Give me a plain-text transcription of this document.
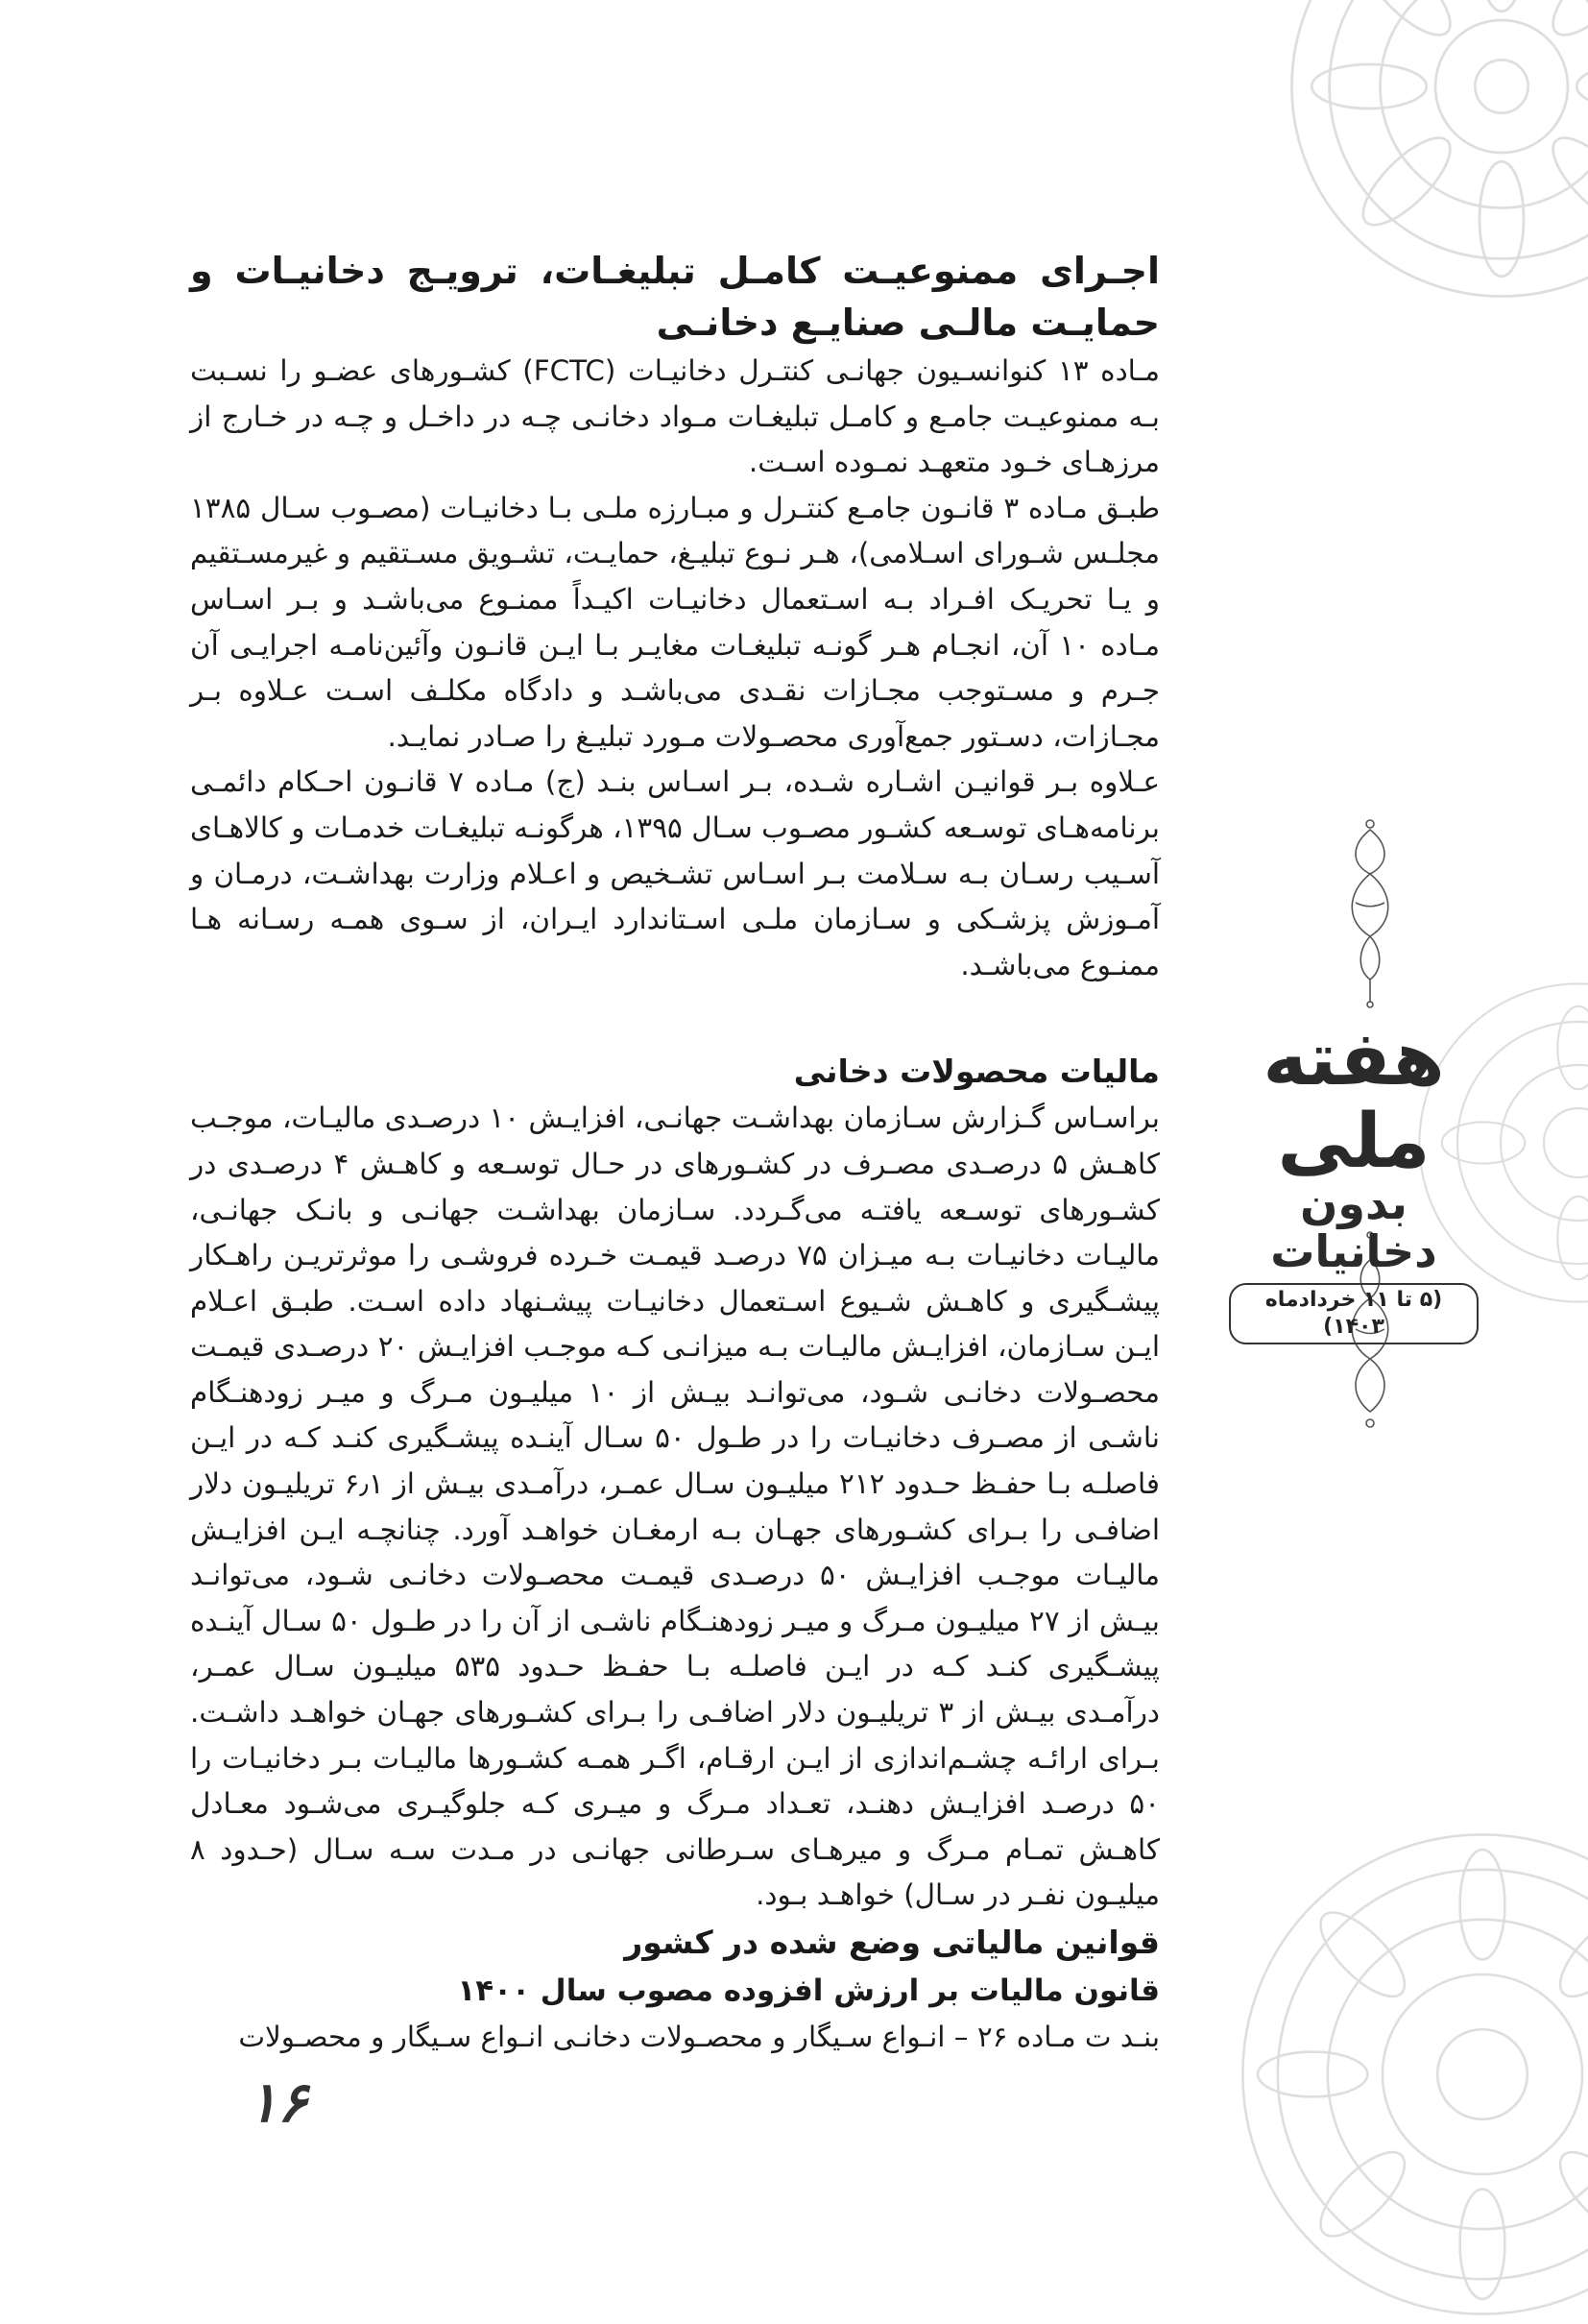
هفته ملی
بدون دخانیات
(۵ تا ۱۱ خردادماه ۱۴۰۳)
اجـرای ممنوعیـت کامـل تبلیغـات، ترویـج دخانیـات و حمایـت مالـی صنایـع دخانـی

مـاده ۱۳ کنوانسـیون جهانـی کنتـرل دخانیـات (FCTC) کشـورهای عضـو را نسـبت بـه ممنوعیـت جامـع و کامـل تبلیغـات مـواد دخانـی چـه در داخـل و چـه در خـارج از مرزهـای خـود متعهـد نمـوده اسـت.

طبـق مـاده ۳ قانـون جامـع کنتـرل و مبـارزه ملـی بـا دخانیـات (مصـوب سـال ۱۳۸۵ مجلـس شـورای اسـلامی)، هـر نـوع تبلیـغ، حمایـت، تشـویق مسـتقیم و غیرمسـتقیم و یـا تحریـک افـراد بـه اسـتعمال دخانیـات اکیـداً ممنـوع می‌باشـد و بـر اسـاس مـاده ۱۰ آن، انجـام هـر گونـه تبلیغـات مغایـر بـا ایـن قانـون وآئین‌نامـه اجرایـی آن جـرم و مسـتوجب مجـازات نقـدی می‌باشـد و دادگاه مکلـف اسـت عـلاوه بـر مجـازات، دسـتور جمع‌آوری محصـولات مـورد تبلیـغ را صـادر نمایـد.

عـلاوه بـر قوانیـن اشـاره شـده، بـر اسـاس بنـد (ج) مـاده ۷ قانـون احـکام دائمـی برنامه‌هـای توسـعه کشـور مصـوب سـال ۱۳۹۵، هرگونـه تبلیغـات خدمـات و کالاهـای آسـیب رسـان بـه سـلامت بـر اسـاس تشـخیص و اعـلام وزارت بهداشـت، درمـان و آمـوزش پزشـکی و سـازمان ملـی اسـتاندارد ایـران، از سـوی همـه رسـانه هـا ممنـوع می‌باشـد.

مالیات محصولات دخانی

براسـاس گـزارش سـازمان بهداشـت جهانـی، افزایـش ۱۰ درصـدی مالیـات، موجـب کاهـش ۵ درصـدی مصـرف در کشـورهای در حـال توسـعه و کاهـش ۴ درصـدی در کشـورهای توسـعه یافتـه می‌گـردد. سـازمان بهداشـت جهانـی و بانـک جهانـی، مالیـات دخانیـات بـه میـزان ۷۵ درصـد قیمـت خـرده فروشـی را موثرتریـن راهـکار پیشـگیری و کاهـش شـیوع اسـتعمال دخانیـات پیشـنهاد داده اسـت. طبـق اعـلام ایـن سـازمان، افزایـش مالیـات بـه میزانـی کـه موجـب افزایـش ۲۰ درصـدی قیمـت محصـولات دخانـی شـود، می‌توانـد بیـش از ۱۰ میلیـون مـرگ و میـر زودهنـگام ناشـی از مصـرف دخانیـات را در طـول ۵۰ سـال آینـده پیشـگیری کنـد کـه در ایـن فاصلـه بـا حفـظ حـدود ۲۱۲ میلیـون سـال عمـر، درآمـدی بیـش از ۶٫۱ تریلیـون دلار اضافـی را بـرای کشـورهای جهـان بـه ارمغـان خواهـد آورد. چنانچـه ایـن افزایـش مالیـات موجـب افزایـش ۵۰ درصـدی قیمـت محصـولات دخانـی شـود، می‌توانـد بیـش از ۲۷ میلیـون مـرگ و میـر زودهنـگام ناشـی از آن را در طـول ۵۰ سـال آینـده پیشـگیری کنـد کـه در ایـن فاصلـه بـا حفـظ حـدود ۵۳۵ میلیـون سـال عمـر، درآمـدی بیـش از ۳ تریلیـون دلار اضافـی را بـرای کشـورهای جهـان خواهـد داشـت. بـرای ارائـه چشـم‌اندازی از ایـن ارقـام، اگـر همـه کشـورها مالیـات بـر دخانیـات را ۵۰ درصـد افزایـش دهنـد، تعـداد مـرگ و میـری کـه جلوگیـری می‌شـود معـادل کاهـش تمـام مـرگ و میرهـای سـرطانی جهانـی در مـدت سـه سـال (حـدود ۸ میلیـون نفـر در سـال) خواهـد بـود.

قوانین مالیاتی وضع شده در کشور
قانون مالیات بر ارزش افزوده مصوب سال ۱۴۰۰

بنـد ت مـاده ۲۶ – انـواع سـیگار و محصـولات دخانـی انـواع سـیگار و محصـولات

۱۶
